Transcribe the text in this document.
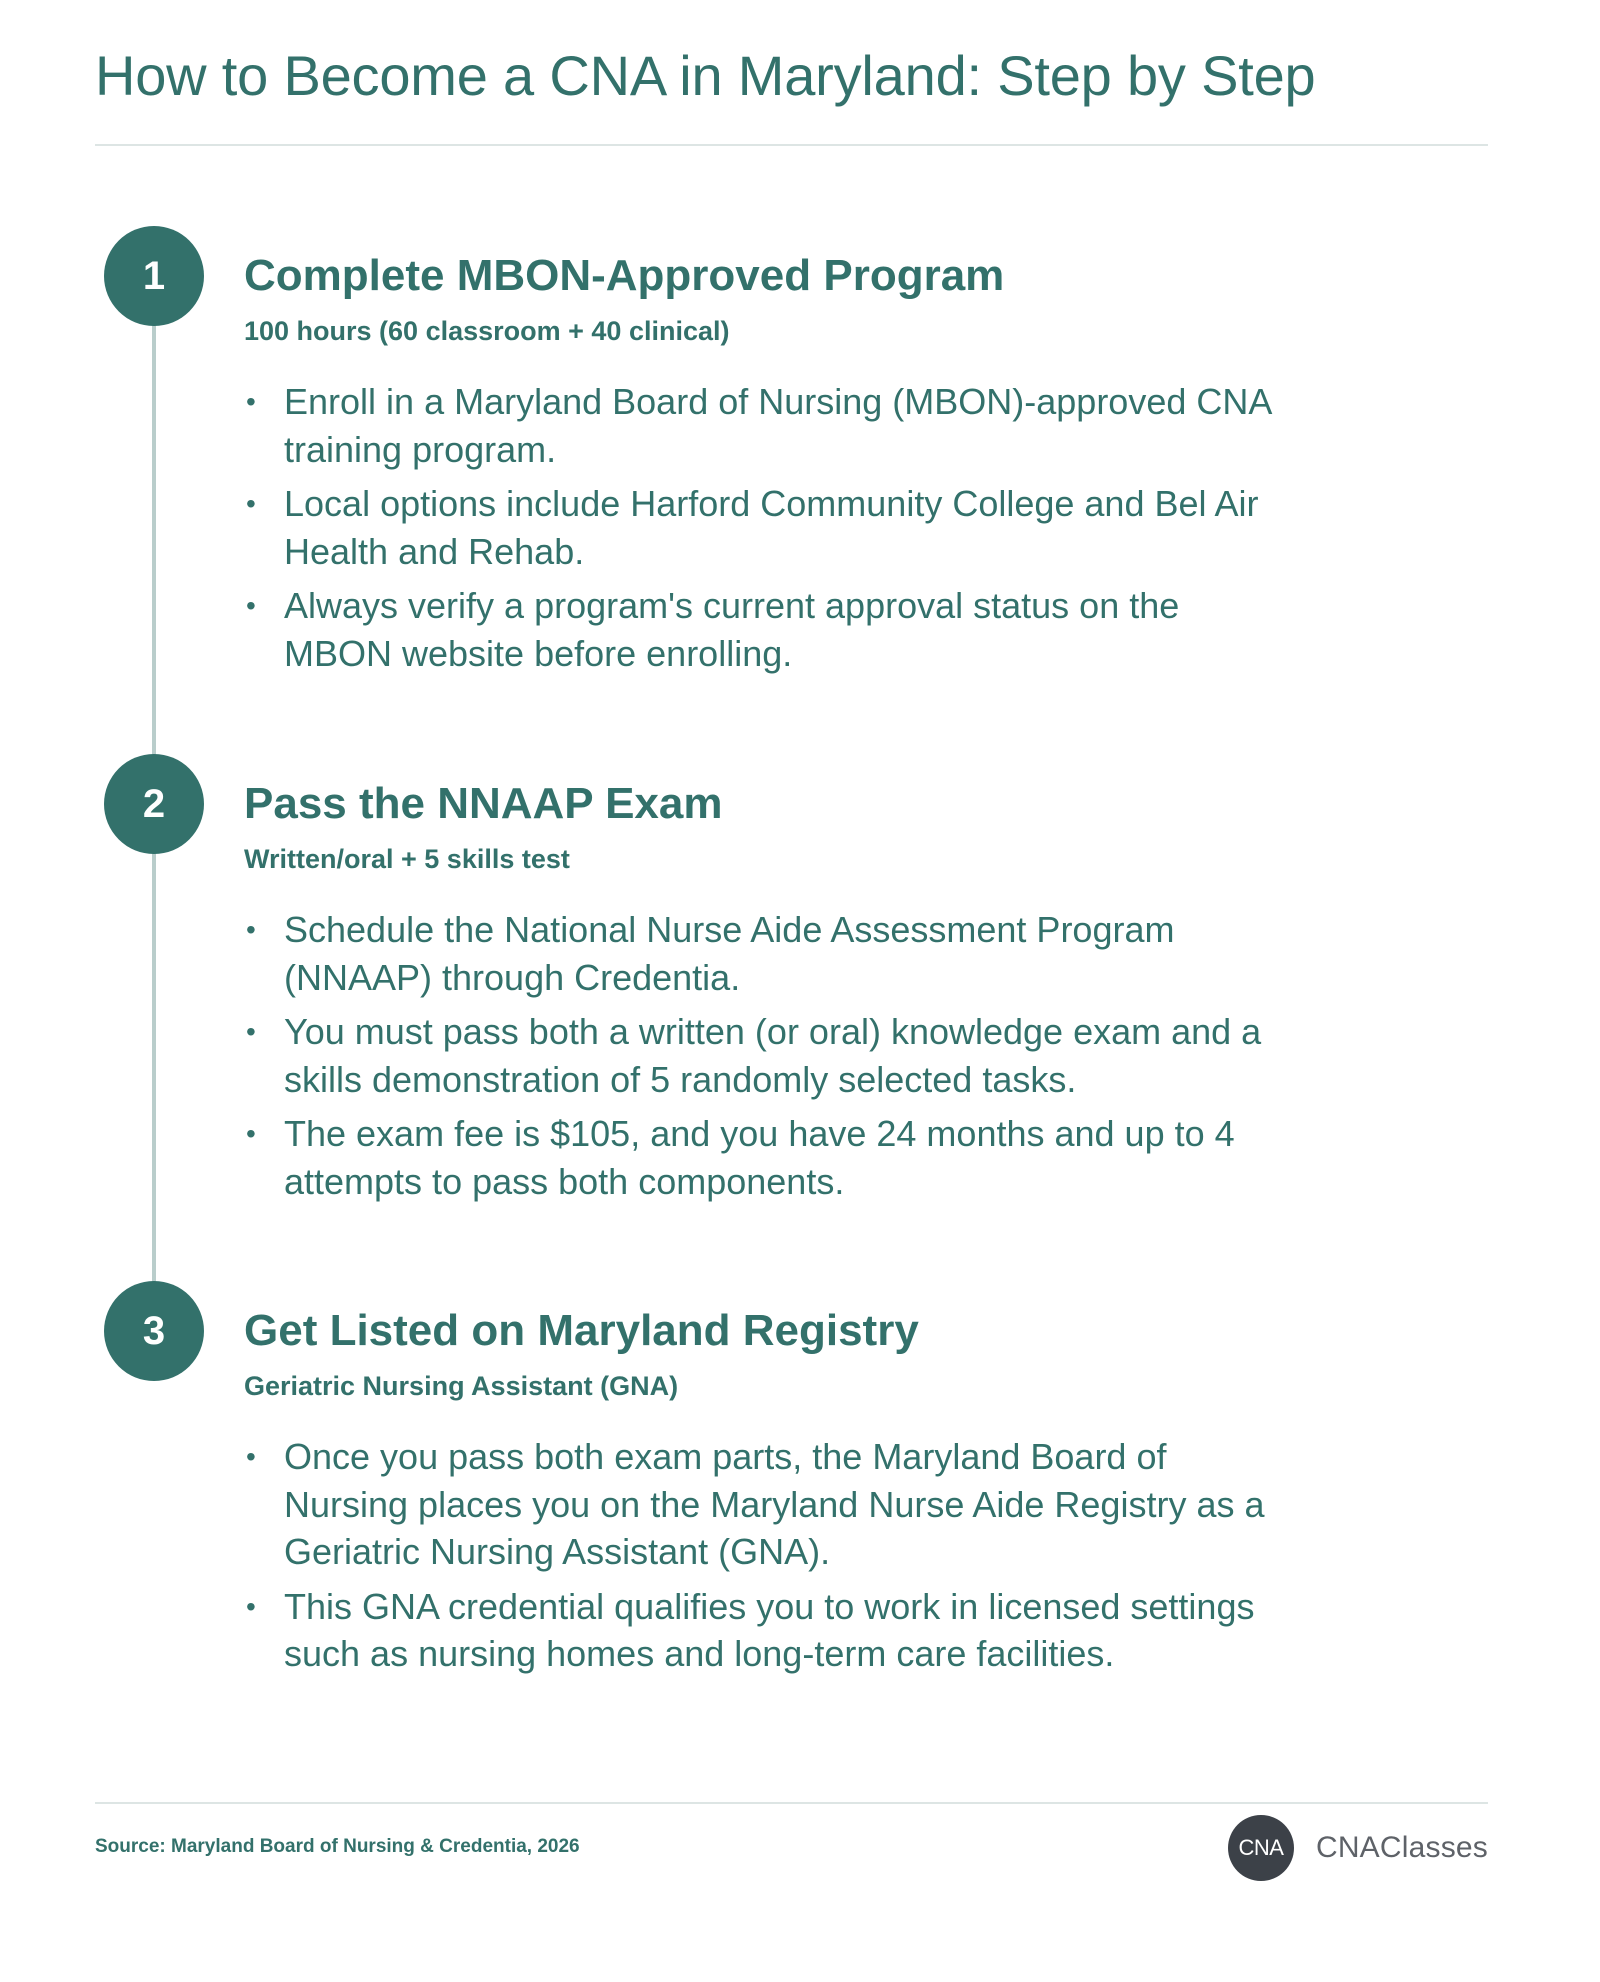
How to Become a CNA in Maryland: Step by Step
1	Complete MBON-Approved Program
100 hours (60 classroom + 40 clinical)
• Enroll in a Maryland Board of Nursing (MBON)-approved CNA training program.
• Local options include Harford Community College and Bel Air Health and Rehab.
• Always verify a program's current approval status on the MBON website before enrolling.
2	Pass the NNAAP Exam
Written/oral + 5 skills test
• Schedule the National Nurse Aide Assessment Program (NNAAP) through Credentia.
• You must pass both a written (or oral) knowledge exam and a skills demonstration of 5 randomly selected tasks.
• The exam fee is $105, and you have 24 months and up to 4 attempts to pass both components.
3	Get Listed on Maryland Registry
Geriatric Nursing Assistant (GNA)
• Once you pass both exam parts, the Maryland Board of Nursing places you on the Maryland Nurse Aide Registry as a Geriatric Nursing Assistant (GNA).
• This GNA credential qualifies you to work in licensed settings such as nursing homes and long-term care facilities.
Source: Maryland Board of Nursing & Credentia, 2026	CNA	CNAClasses
